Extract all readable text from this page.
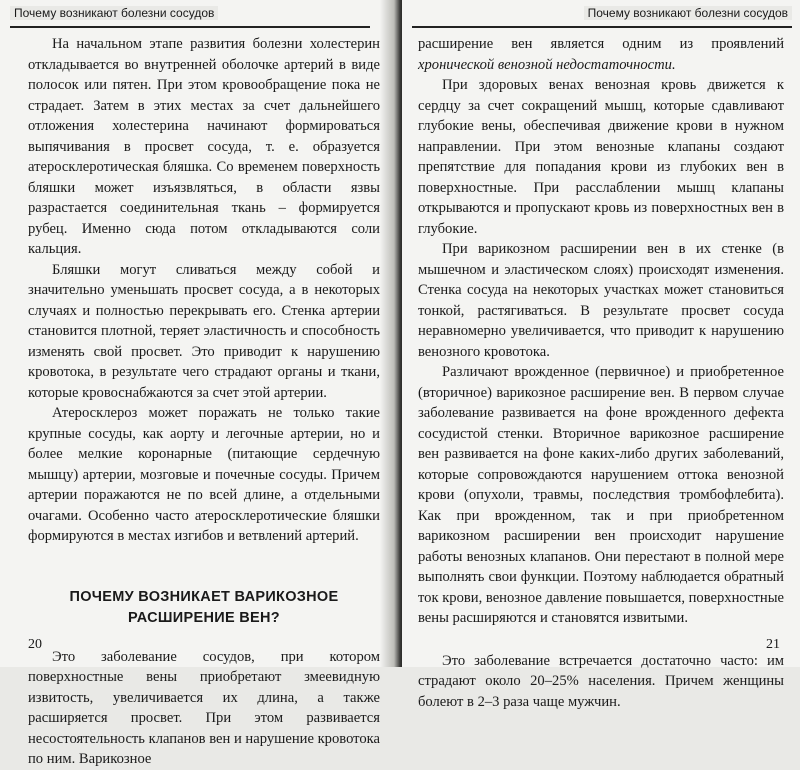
Почему возникают болезни сосудов

На начальном этапе развития болезни холестерин откладывается во внутренней оболочке артерий в виде полосок или пятен. При этом кровообращение пока не страдает. Затем в этих местах за счет дальнейшего отложения холестерина начинают формироваться выпячивания в просвет сосуда, т. е. образуется атеросклеротическая бляшка. Со временем поверхность бляшки может изъязвляться, в области язвы разрастается соединительная ткань – формируется рубец. Именно сюда потом откладываются соли кальция.

Бляшки могут сливаться между собой и значительно уменьшать просвет сосуда, а в некоторых случаях и полностью перекрывать его. Стенка артерии становится плотной, теряет эластичность и способность изменять свой просвет. Это приводит к нарушению кровотока, в результате чего страдают органы и ткани, которые кровоснабжаются за счет этой артерии.

Атеросклероз может поражать не только такие крупные сосуды, как аорту и легочные артерии, но и более мелкие коронарные (питающие сердечную мышцу) артерии, мозговые и почечные сосуды. Причем артерии поражаются не по всей длине, а отдельными очагами. Особенно часто атеросклеротические бляшки формируются в местах изгибов и ветвлений артерий.

ПОЧЕМУ ВОЗНИКАЕТ ВАРИКОЗНОЕ
РАСШИРЕНИЕ ВЕН?

Это заболевание сосудов, при котором поверхностные вены приобретают змеевидную извитость, увеличивается их длина, а также расширяется просвет. При этом развивается несостоятельность клапанов вен и нарушение кровотока по ним. Варикозное

20
Почему возникают болезни сосудов

расширение вен является одним из проявлений хронической венозной недостаточности.

При здоровых венах венозная кровь движется к сердцу за счет сокращений мышц, которые сдавливают глубокие вены, обеспечивая движение крови в нужном направлении. При этом венозные клапаны создают препятствие для попадания крови из глубоких вен в поверхностные. При расслаблении мышц клапаны открываются и пропускают кровь из поверхностных вен в глубокие.

При варикозном расширении вен в их стенке (в мышечном и эластическом слоях) происходят изменения. Стенка сосуда на некоторых участках может становиться тонкой, растягиваться. В результате просвет сосуда неравномерно увеличивается, что приводит к нарушению венозного кровотока.

Различают врожденное (первичное) и приобретенное (вторичное) варикозное расширение вен. В первом случае заболевание развивается на фоне врожденного дефекта сосудистой стенки. Вторичное варикозное расширение вен развивается на фоне каких-либо других заболеваний, которые сопровождаются нарушением оттока венозной крови (опухоли, травмы, последствия тромбофлебита). Как при врожденном, так и при приобретенном варикозном расширении вен происходит нарушение работы венозных клапанов. Они перестают в полной мере выполнять свои функции. Поэтому наблюдается обратный ток крови, венозное давление повышается, поверхностные вены расширяются и становятся извитыми.

Это заболевание встречается достаточно часто: им страдают около 20–25% населения. Причем женщины болеют в 2–3 раза чаще мужчин.

21
